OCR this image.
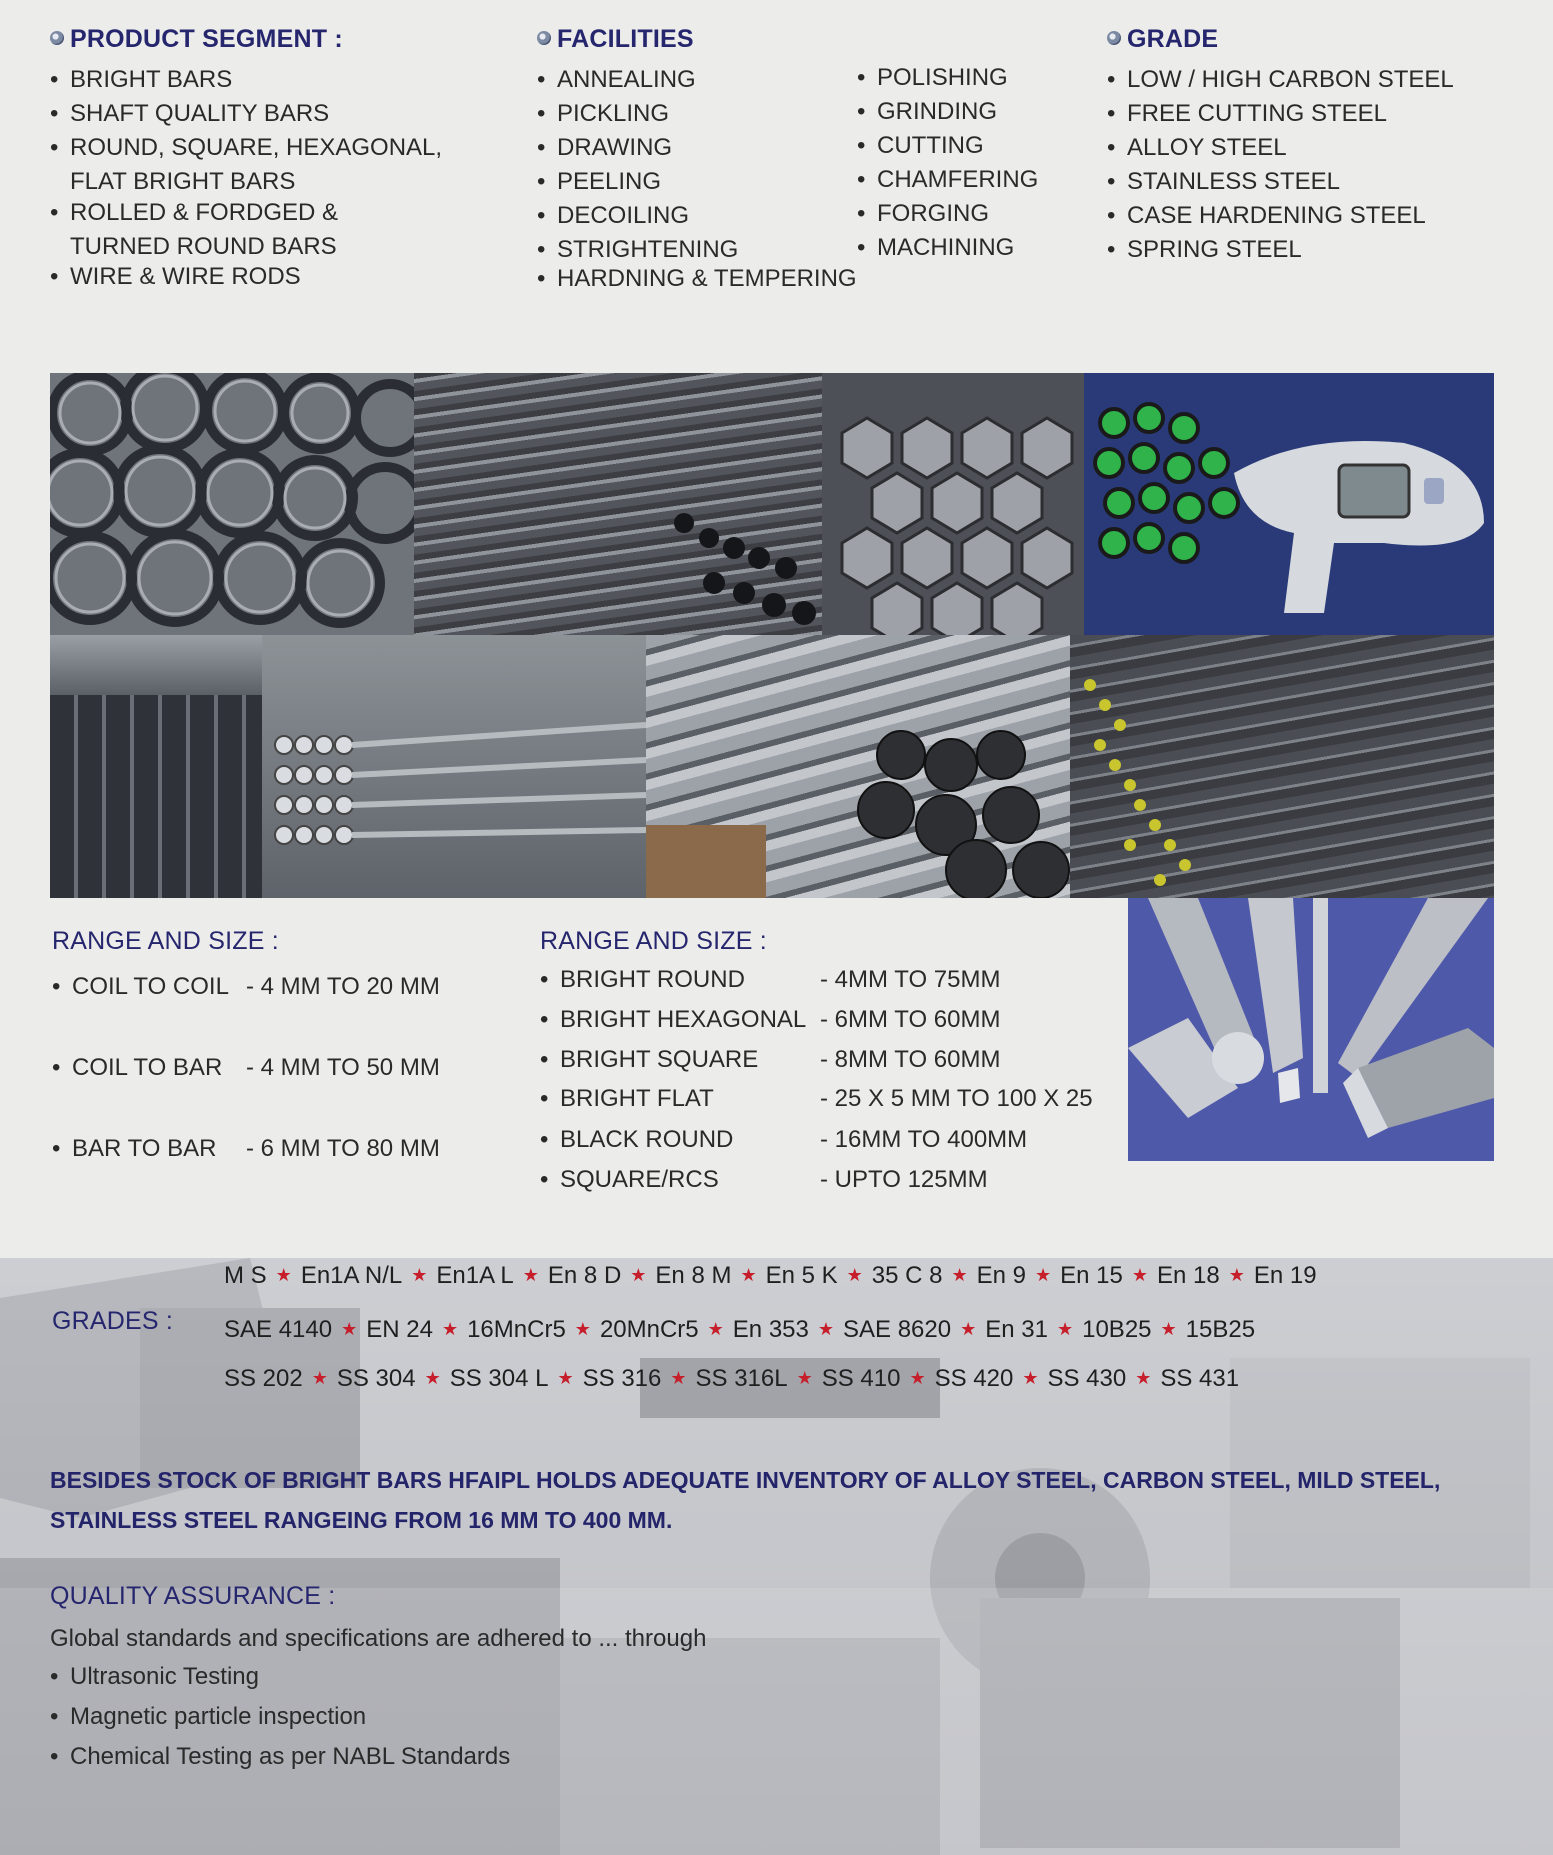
PRODUCT SEGMENT :
• BRIGHT BARS
• SHAFT QUALITY BARS
• ROUND, SQUARE, HEXAGONAL,
FLAT BRIGHT BARS
• ROLLED & FORDGED &
TURNED ROUND BARS
• WIRE & WIRE RODS
FACILITIES
• ANNEALING
• PICKLING
• DRAWING
• PEELING
• DECOILING
• STRIGHTENING
• HARDNING & TEMPERING
• POLISHING
• GRINDING
• CUTTING
• CHAMFERING
• FORGING
• MACHINING
GRADE
• LOW / HIGH CARBON STEEL
• FREE CUTTING STEEL
• ALLOY STEEL
• STAINLESS STEEL
• CASE HARDENING STEEL
• SPRING STEEL
RANGE AND SIZE :
• COIL TO COIL - 4 MM TO 20 MM
• COIL TO BAR - 4 MM TO 50 MM
• BAR TO BAR - 6 MM TO 80 MM
RANGE AND SIZE :
• BRIGHT ROUND	- 4MM TO 75MM
• BRIGHT HEXAGONAL - 6MM TO 60MM
• BRIGHT SQUARE	- 8MM TO 60MM
• BRIGHT FLAT	- 25 X 5 MM TO 100 X 25
• BLACK ROUND	- 16MM TO 400MM
• SQUARE/RCS	- UPTO 125MM
GRADES :
M S ★ En1A N/L ★ En1A L ★ En 8 D ★ En 8 M ★ En 5 K ★ 35 C 8 ★ En 9 ★ En 15 ★ En 18 ★ En 19
SAE 4140 ★ EN 24 ★ 16MnCr5 ★ 20MnCr5 ★ En 353 ★ SAE 8620 ★ En 31 ★ 10B25 ★ 15B25
SS 202 ★ SS 304 ★ SS 304 L ★ SS 316 ★ SS 316L ★ SS 410 ★ SS 420 ★ SS 430 ★ SS 431
BESIDES STOCK OF BRIGHT BARS HFAIPL HOLDS ADEQUATE INVENTORY OF ALLOY STEEL, CARBON STEEL, MILD STEEL,
STAINLESS STEEL RANGEING FROM 16 MM TO 400 MM.
QUALITY ASSURANCE :
Global standards and specifications are adhered to ... through
• Ultrasonic Testing
• Magnetic particle inspection
• Chemical Testing as per NABL Standards
